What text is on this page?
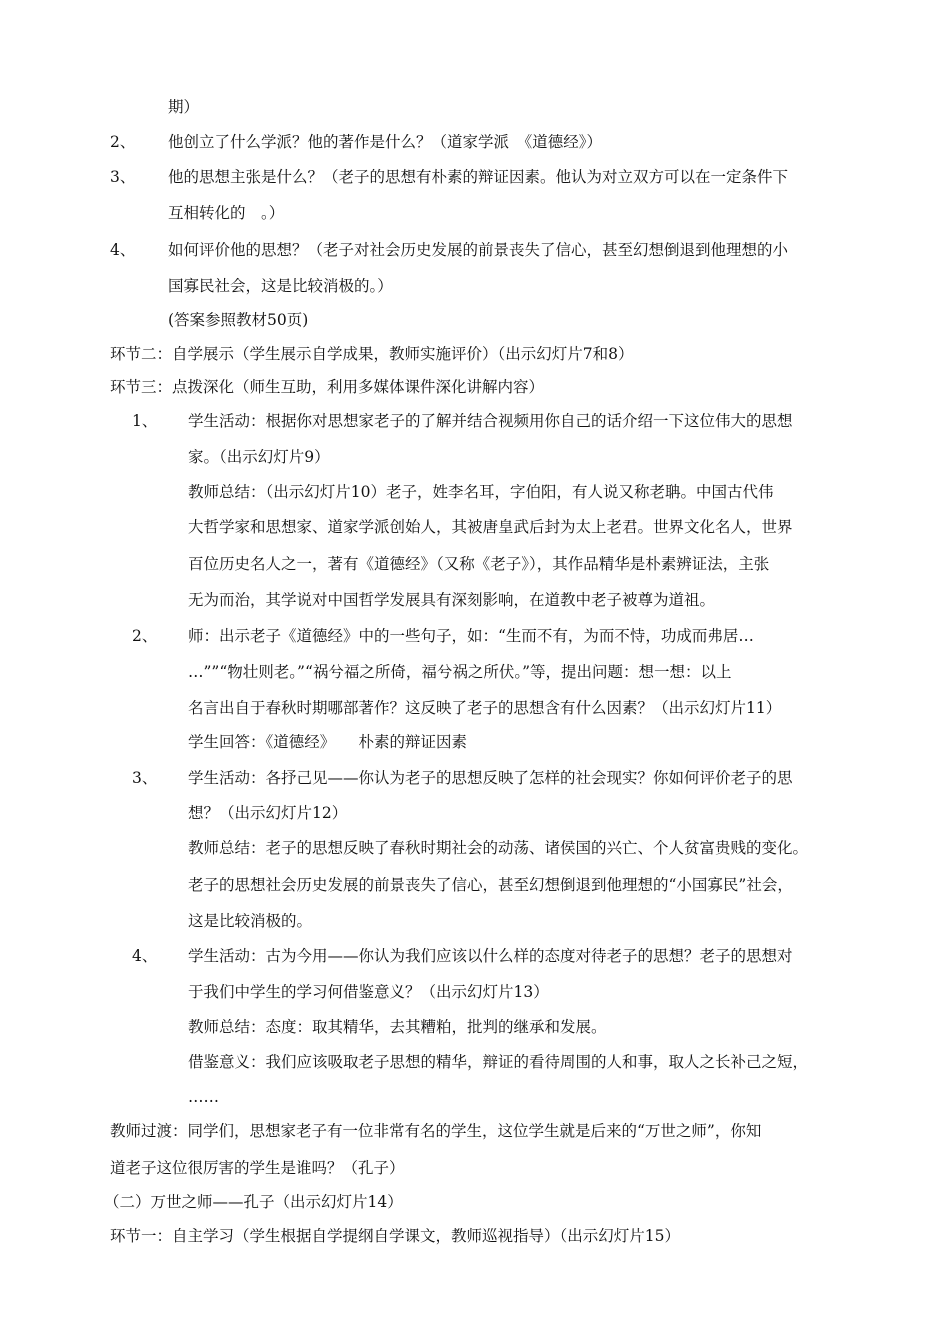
期）
2、 他创立了什么学派？他的著作是什么？（道家学派　《道德经》）
3、 他的思想主张是什么？（老子的思想有朴素的辩证因素。他认为对立双方可以在一定条件下
互相转化的　。）
4、 如何评价他的思想？（老子对社会历史发展的前景丧失了信心，甚至幻想倒退到他理想的小
国寡民社会，这是比较消极的。）
(答案参照教材50页)
环节二：自学展示（学生展示自学成果，教师实施评价）（出示幻灯片7和8）
环节三：点拨深化（师生互助，利用多媒体课件深化讲解内容）
1、 学生活动：根据你对思想家老子的了解并结合视频用你自己的话介绍一下这位伟大的思想
家。（出示幻灯片9）
教师总结：（出示幻灯片10）老子，姓李名耳，字伯阳，有人说又称老聃。中国古代伟
大哲学家和思想家、道家学派创始人，其被唐皇武后封为太上老君。世界文化名人，世界
百位历史名人之一，著有《道德经》（又称《老子》），其作品精华是朴素辨证法，主张
无为而治，其学说对中国哲学发展具有深刻影响，在道教中老子被尊为道祖。
2、 师：出示老子《道德经》中的一些句子，如：“生而不有，为而不恃，功成而弗居…
…””“物壮则老。”“祸兮福之所倚，福兮祸之所伏。”等，提出问题：想一想：以上
名言出自于春秋时期哪部著作？这反映了老子的思想含有什么因素？（出示幻灯片11）
学生回答：《道德经》　　朴素的辩证因素
3、 学生活动：各抒己见——你认为老子的思想反映了怎样的社会现实？你如何评价老子的思
想？（出示幻灯片12）
教师总结：老子的思想反映了春秋时期社会的动荡、诸侯国的兴亡、个人贫富贵贱的变化。
老子的思想社会历史发展的前景丧失了信心，甚至幻想倒退到他理想的“小国寡民”社会，
这是比较消极的。
4、 学生活动：古为今用——你认为我们应该以什么样的态度对待老子的思想？老子的思想对
于我们中学生的学习何借鉴意义？（出示幻灯片13）
教师总结：态度：取其精华，去其糟粕，批判的继承和发展。
借鉴意义：我们应该吸取老子思想的精华，辩证的看待周围的人和事，取人之长补己之短，
……
教师过渡：同学们，思想家老子有一位非常有名的学生，这位学生就是后来的“万世之师”，你知
道老子这位很厉害的学生是谁吗？（孔子）
（二）万世之师——孔子（出示幻灯片14）
环节一：自主学习（学生根据自学提纲自学课文，教师巡视指导）（出示幻灯片15）
